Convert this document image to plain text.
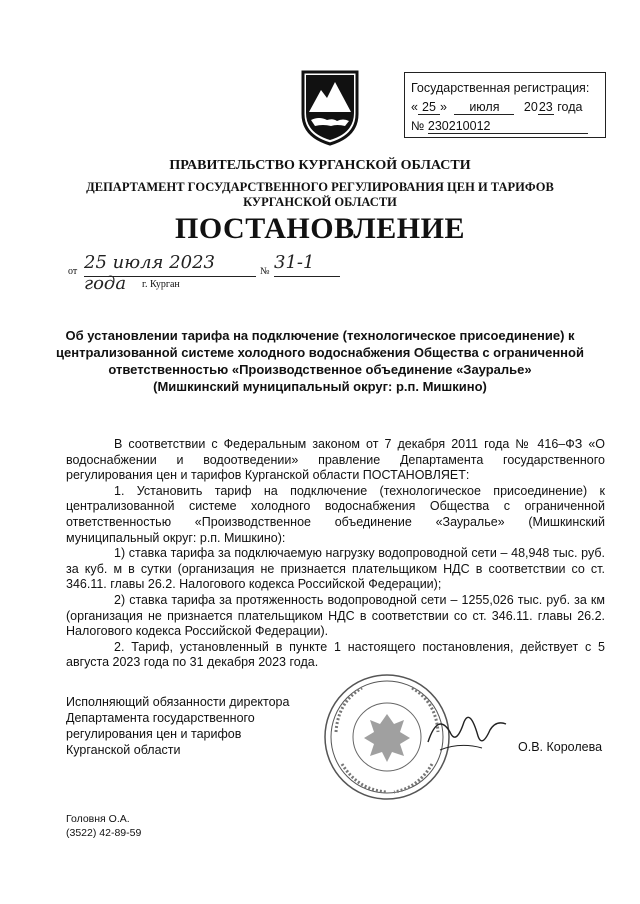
Государственная регистрация:
« 25 » июля 2023 года
№ 230210012
ПРАВИТЕЛЬСТВО КУРГАНСКОЙ ОБЛАСТИ
ДЕПАРТАМЕНТ ГОСУДАРСТВЕННОГО РЕГУЛИРОВАНИЯ ЦЕН И ТАРИФОВ
КУРГАНСКОЙ ОБЛАСТИ
ПОСТАНОВЛЕНИЕ
от 25 июля 2023 года
№ 31-1
г. Курган
Об установлении тарифа на подключение (технологическое присоединение) к
централизованной системе холодного водоснабжения Общества с ограниченной
ответственностью «Производственное объединение «Зауралье»
(Мишкинский муниципальный округ: р.п. Мишкино)

В соответствии с Федеральным законом от 7 декабря 2011 года № 416–ФЗ «О водоснабжении и водоотведении» правление Департамента государственного регулирования цен и тарифов Курганской области ПОСТАНОВЛЯЕТ:

1. Установить тариф на подключение (технологическое присоединение) к централизованной системе холодного водоснабжения Общества с ограниченной ответственностью «Производственное объединение «Зауралье» (Мишкинский муниципальный округ: р.п. Мишкино):

1) ставка тарифа за подключаемую нагрузку водопроводной сети – 48,948 тыс. руб. за куб. м в сутки (организация не признается плательщиком НДС в соответствии со ст. 346.11. главы 26.2. Налогового кодекса Российской Федерации);

2) ставка тарифа за протяженность водопроводной сети – 1255,026 тыс. руб. за км (организация не признается плательщиком НДС в соответствии со ст. 346.11. главы 26.2. Налогового кодекса Российской Федерации).

2. Тариф, установленный в пункте 1 настоящего постановления, действует с 5 августа 2023 года по 31 декабря 2023 года.

Исполняющий обязанности директора
Департамента государственного
регулирования цен и тарифов
Курганской области	О.В. Королева
Головня О.А.
(3522) 42-89-59
